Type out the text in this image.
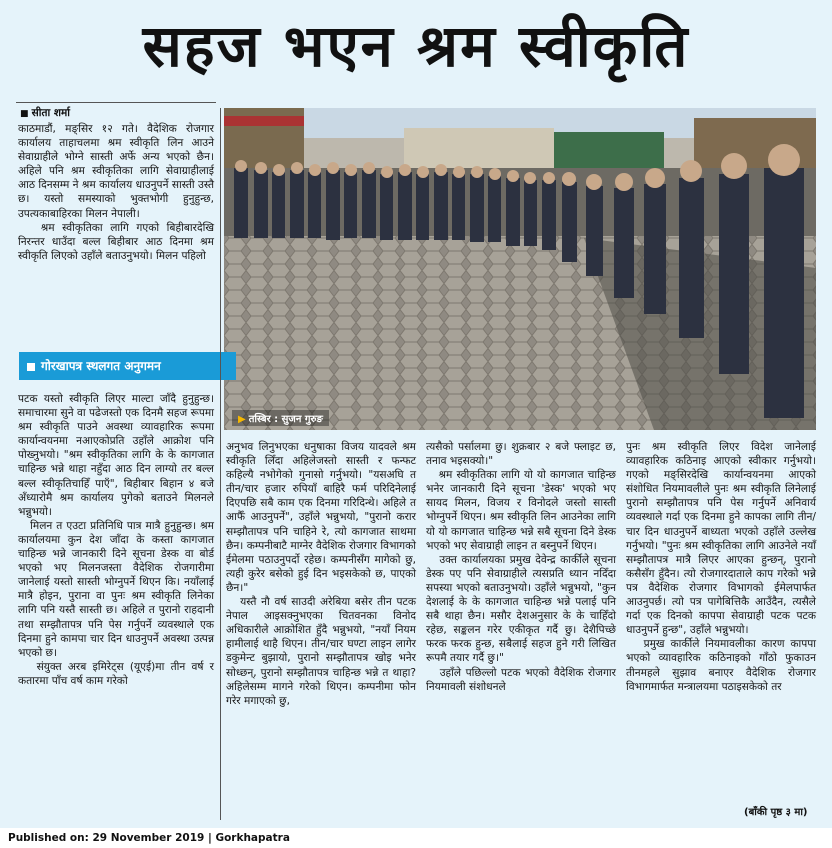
सहज भएन श्रम स्वीकृति
■ सीता शर्मा
▶ तस्बिर : सुजन गुरुङ
काठमाडौं, मङ्सिर १२ गते। वैदेशिक रोजगार कार्यालय ताहाचलमा श्रम स्वीकृति लिन आउने सेवाग्राहीले भोग्ने सास्ती अर्फे अन्य भएको छैन। अहिले पनि श्रम स्वीकृतिका लागि सेवाग्राहीलाई आठ दिनसम्म ने श्रम कार्यालय धाउनुपर्ने सास्ती उस्तै छ। यस्तो समस्याको भुक्तभोगी हुनुहुन्छ, उपत्यकाबाहिरका मिलन नेपाली।
श्रम स्वीकृतिका लागि गएको बिहीबारदेखि निरन्तर धाउँदा बल्ल बिहीबार आठ दिनमा श्रम स्वीकृति लिएको उहाँले बताउनुभयो। मिलन पहिलो
गोरखापत्र स्थलगत अनुगमन
पटक यस्तो स्वीकृति लिएर माल्टा जाँदै हुनुहुन्छ। समाचारमा सुने वा पढेजस्तो एक दिनमै सहज रूपमा श्रम स्वीकृति पाउने अवस्था व्यावहारिक रूपमा कार्यान्वयनमा नआएकोप्रति उहाँले आक्रोश पनि पोख्नुभयो। "श्रम स्वीकृतिका लागि के के कागजात चाहिन्छ भन्ने थाहा नहुँदा आठ दिन लाग्यो तर बल्ल बल्ल स्वीकृतिचाहिँ पाएँ", बिहीबार बिहान ४ बजे अँध्यारोमै श्रम कार्यालय पुगेको बताउने मिलनले भन्नुभयो।
मिलन त एउटा प्रतिनिधि पात्र मात्रै हुनुहुन्छ। श्रम कार्यालयमा कुन देश जाँदा के कस्ता कागजात चाहिन्छ भन्ने जानकारी दिने सूचना डेस्क वा बोर्ड भएको भए मिलनजस्ता वैदेशिक रोजगारीमा जानेलाई यस्तो सास्ती भोग्नुपर्ने थिएन कि। नयाँलाई मात्रै होइन, पुराना वा पुनः श्रम स्वीकृति लिनेका लागि पनि यस्तै सास्ती छ। अहिले त पुरानो राहदानी तथा सम्झौतापत्र पनि पेस गर्नुपर्ने व्यवस्थाले एक दिनमा हुने कामपा चार दिन धाउनुपर्ने अवस्था उत्पन्न भएको छ।
संयुक्त अरब इमिरेट्स (यूएई)मा तीन वर्ष र कतारमा पाँच वर्ष काम गरेको
अनुभव लिनुभएका धनुषाका विजय यादवले श्रम स्वीकृति लिँदा अहिलेजस्तो सास्ती र फन्फट कहिल्यै नभोगेको गुनासो गर्नुभयो। "यसअघि त तीन/चार हजार रुपियाँ बाहिरै फर्म परिदिनेलाई दिएपछि सबै काम एक दिनमा गरिदिन्थे। अहिले त आफैँ आउनुपर्ने", उहाँले भन्नुभयो, "पुरानो करार सम्झौतापत्र पनि चाहिने रे, त्यो कागजात साथमा छैन। कम्पनीबाटै माग्नेर वैदेशिक रोजगार विभागको ईमेलमा पठाउनुपर्दो रहेछ। कम्पनीसँग मागेको छु, त्यही कुरेर बसेको हुई दिन भइसकेको छ, पाएको छैन।"
यस्तै नौ वर्ष साउदी अरेबिया बसेर तीन पटक नेपाल आइसक्नुभएका चितवनका विनोद अधिकारीले आक्रोशित हुँदै भन्नुभयो, "नयाँ नियम हामीलाई थाहै थिएन। तीन/चार घण्टा लाइन लागेर डकुमेन्ट बुझायो, पुरानो सम्झौतापत्र खोइ भनेर सोध्छन्, पुरानो सम्झौतापत्र चाहिन्छ भन्ने त थाहा? अहिलेसम्म मागने गरेको थिएन। कम्पनीमा फोन गरेर मगाएको छु,
त्यसैको पर्सालमा छु। शुक्रबार २ बजे फ्लाइट छ, तनाव भइसक्यो।"
श्रम स्वीकृतिका लागि यो यो कागजात चाहिन्छ भनेर जानकारी दिने सूचना 'डेस्क' भएको भए सायद मिलन, विजय र विनोदले जस्तो सास्ती भोग्नुपर्ने थिएन। श्रम स्वीकृति लिन आउनेका लागि यो यो कागजात चाहिन्छ भन्ने सबै सूचना दिने डेस्क भएको भए सेवाग्राही लाइन त बस्नुपर्ने थिएन।
उक्त कार्यालयका प्रमुख देवेन्द्र कार्कीले सूचना डेस्क पए पनि सेवाग्राहीले त्यसप्रति ध्यान नदिँदा सपस्या भएको बताउनुभयो। उहाँले भन्नुभयो, "कुन देशलाई के के कागजात चाहिन्छ भन्ने पलाई पनि सबै थाहा छैन। मसौर देशअनुसार के के चाहिँदो रहेछ, सङ्कलन गरेर एकीकृत गर्दै छु। देशैपिच्छे फरक फरक हुन्छ, सबैलाई सहज हुने गरी लिखित रूपमै तयार गर्दै छु।"
उहाँले पछिल्लो पटक भएको वैदेशिक रोजगार नियमावली संशोधनले
पुनः श्रम स्वीकृति लिएर विदेश जानेलाई व्यावहारिक कठिनाइ आएको स्वीकार गर्नुभयो। गएको मङ्सिरदेखि कार्यान्वयनमा आएको संशोधित नियमावलीले पुनः श्रम स्वीकृति लिनेलाई पुरानो सम्झौतापत्र पनि पेस गर्नुपर्ने अनिवार्य व्यवस्थाले गर्दा एक दिनमा हुने कापका लागि तीन/चार दिन धाउनुपर्ने बाध्यता भएको उहाँले उल्लेख गर्नुभयो। "पुनः श्रम स्वीकृतिका लागि आउनेले नयाँ सम्झौतापत्र मात्रै लिएर आएका हुन्छन्, पुरानो कसैसँग हुँदैन। त्यो रोजगारदाताले काप गरेको भन्ने पत्र वैदेशिक रोजगार विभागको ईमेलपार्फत आउनुपर्छ। त्यो पत्र पागेबित्तिकै आउँदैन, त्यसैले गर्दा एक दिनको कापपा सेवाग्राही पटक पटक धाउनुपर्ने हुन्छ", उहाँले भन्नुभयो।
प्रमुख कार्कीले नियमावलीका कारण कापपा भएको व्यावहारिक कठिनाइको गाँठो फुकाउन तीनमहले सुझाव बनाएर वैदेशिक रोजगार विभागमार्फत मन्त्रालयमा पठाइसकेको तर
(बाँकी पृष्ठ ३ मा)
Published on: 29 November 2019 | Gorkhapatra
